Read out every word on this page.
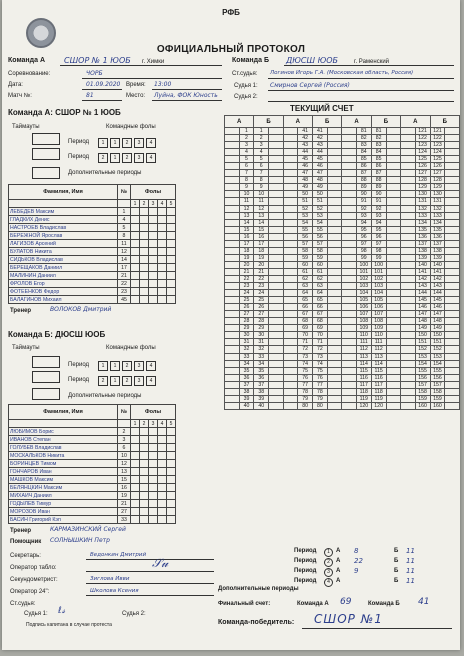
РФБ
ОФИЦИАЛЬНЫЙ ПРОТОКОЛ
Команда А СШОР № 1 ЮОБ г. Химки	Команда Б ДЮСШ ЮОБ	г. Раменский
Соревнование:	ЧОРБ	Ст.судья: Логинов Игорь Г.А. (Московская область, Россия)
Дата:	01.09.2020 Время: 13:00	Судья 1: Смирнов Сергей (Россия)
Матч №:	81	Место: Луйна, ФОК Юность	Судья 2:
Команда А: СШОР № 1 ЮОБ
Таймауты	Командные фолы
Период
Период
Дополнительные периоды
1	2	3	4
1
1	2	3	4
2
Фамилия, Имя	№	Фолы				
		1	2	3	4	5
ЛЕБЕДЕВ Максим	1					
ГЛАДКИХ Денис	4					
НАСТРОЕВ Владислав	5					
БЕРЕЖНОЙ Ярослав	8					
ЛАГИЗОВ Арсений	11					
БУЛАТОВ Никита	12					
СИДЬКОВ Владислав	14					
БЕРЕЩАКОВ Даниил	17					
МАЛИНИН Даниил	21					
ФРОЛОВ Егор	22					
ФОТЕЕНКОВ Федор	23					
БАЛАГИНОВ Михаил	45					
Тренер	ВОЛОКОВ Дмитрий
Команда Б: ДЮСШ ЮОБ
Таймауты	Командные фолы
Период
Период
Дополнительные периоды
1	2	3	4
1
1	2	3	4
2
Фамилия, Имя	№	Фолы				
		1	2	3	4	5
ЛЮБИМОВ Борис	2					
ИВАНОВ Степан	3					
ГОЛУБЕВ Владислав	6					
МОСКАЛЬКОВ Никита	10					
БОРИНЦЕВ Тимом	12					
ГОНЧАРОВ Иван	13					
МАШКОВ Максим	15					
БЕЛЯНЦКИН Максим	16					
МИХАИЧ Даниил	19					
ГОДЫЛЕВ Тимур	21					
МОРОЗОВ Иван	27					
БАСИН Григорий Кэп	33					
Тренер	КАРМАЗИНСКИЙ Сергей
Помощник СОЛНЫШКИН Петр
Секретарь:	Ведонкин Дмитрий
Оператор табло:
Секундометрист:	Зиглова Ивви
Оператор 24":	Школова Ксения
Ст.судья:
Судья 1: ℓ𝓈	Судья 2:
Подпись капитана в случае протеста
𝒮𝓊
ТЕКУЩИЙ СЧЕТ
А		Б		А		Б		А		Б		А		Б	
	1	1			41	41			81	81			121	121	
	2	2			42	42			82	82			122	122	
	3	3			43	43			83	83			123	123	
	4	4			44	44			84	84			124	124	
	5	5			45	45			85	85			125	125	
	6	6			46	46			86	86			126	126	
	7	7			47	47			87	87			127	127	
	8	8			48	48			88	88			128	128	
	9	9			49	49			89	89			129	129	
	10	10			50	50			90	90			130	130	
	11	11			51	51			91	91			131	131	
	12	12			52	52			92	92			132	132	
	13	13			53	53			93	93			133	133	
	14	14			54	54			94	94			134	134	
	15	15			55	55			95	95			135	135	
	16	16			56	56			96	96			136	136	
	17	17			57	57			97	97			137	137	
	18	18			58	58			98	98			138	138	
	19	19			59	59			99	99			139	139	
	20	20			60	60			100	100			140	140	
	21	21			61	61			101	101			141	141	
	22	22			62	62			102	102			142	142	
	23	23			63	63			103	103			143	143	
	24	24			64	64			104	104			144	144	
	25	25			65	65			105	105			145	145	
	26	26			66	66			106	106			146	146	
	27	27			67	67			107	107			147	147	
	28	28			68	68			108	108			148	148	
	29	29			69	69			109	109			149	149	
	30	30			70	70			110	110			150	150	
	31	31			71	71			111	111			151	151	
	32	32			72	72			112	112			152	152	
	33	33			73	73			113	113			153	153	
	34	34			74	74			114	114			154	154	
	35	35			75	75			115	115			155	155	
	36	36			76	76			116	116			156	156	
	37	37			77	77			117	117			157	157	
	38	38			78	78			118	118			158	158	
	39	39			79	79			119	119			159	159	
	40	40			80	80			120	120			160	160	
Период	1	А 8	Б 11
Период	2	А 22	Б 11
Период	3	А 9	Б 11
Период	4	А	Б 11
Дополнительные периоды
Финальный счет:	Команда А 69	Команда Б 41
Команда-победитель: СШОР №1
